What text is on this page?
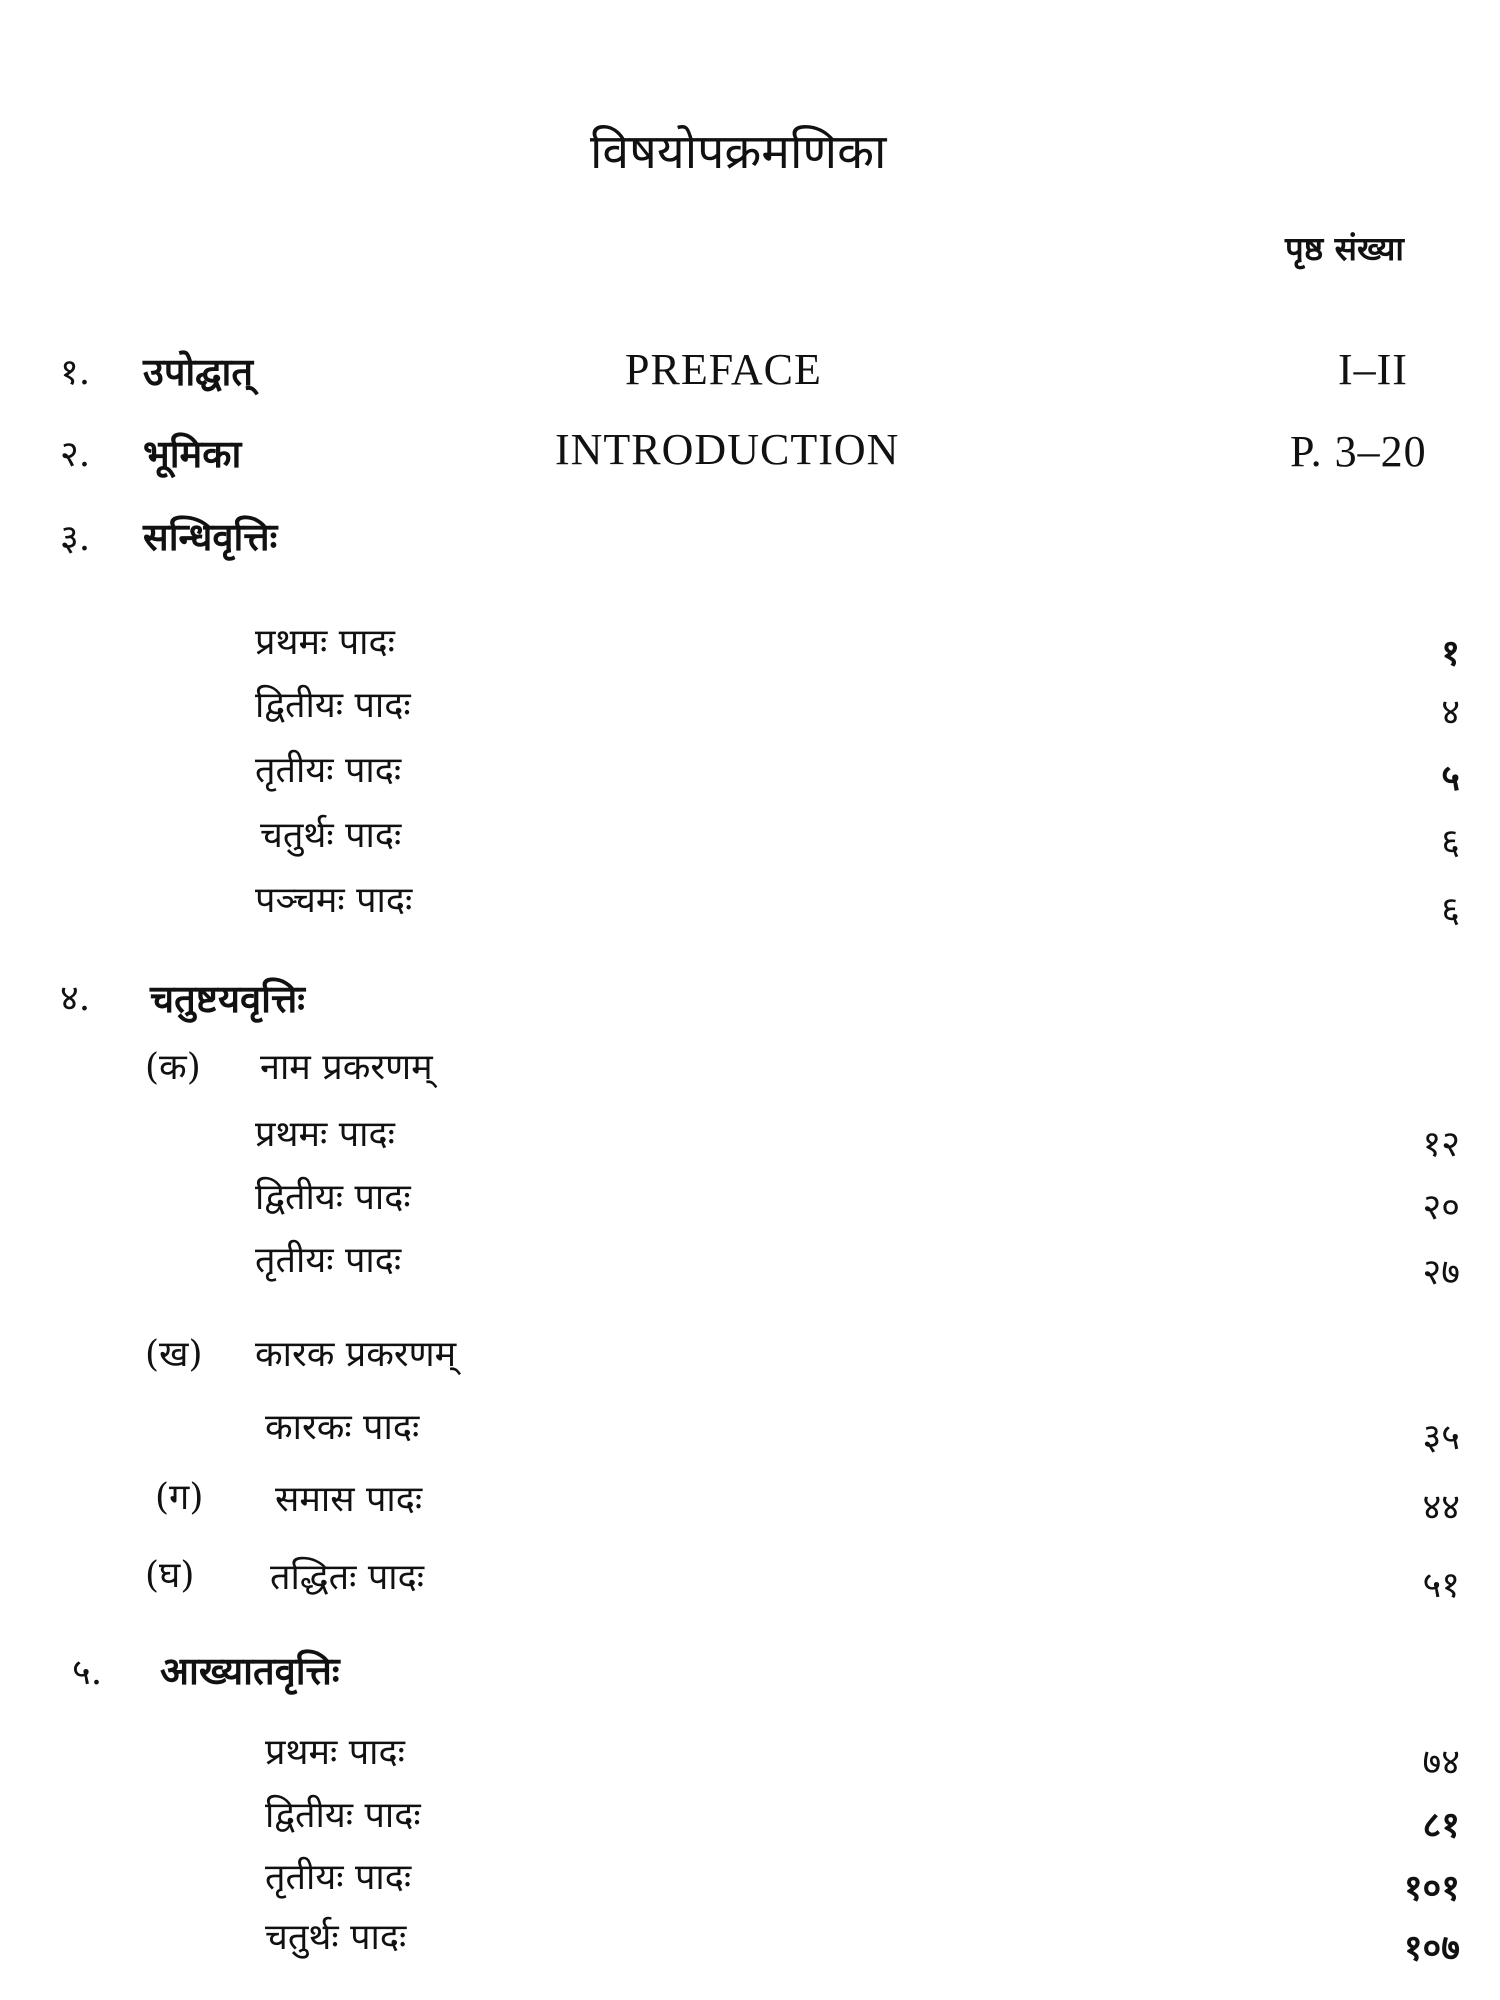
विषयोपक्रमणिका
पृष्ठ संख्या
१. उपोद्घात्	PREFACE	I–II
२. भूमिका	INTRODUCTION	P. 3–20
३. सन्धिवृत्तिः
प्रथमः पादः	१
द्वितीयः पादः	४
तृतीयः पादः	५
चतुर्थः पादः	६
पञ्चमः पादः	६
४. चतुष्टयवृत्तिः
(क) नाम प्रकरणम्
प्रथमः पादः	१२
द्वितीयः पादः	२०
तृतीयः पादः	२७
(ख) कारक प्रकरणम्
कारकः पादः	३५
(ग) समास पादः	४४
(घ) तद्धितः पादः	५१
५. आख्यातवृत्तिः
प्रथमः पादः	७४
द्वितीयः पादः	८१
तृतीयः पादः	१०१
चतुर्थः पादः	१०७
